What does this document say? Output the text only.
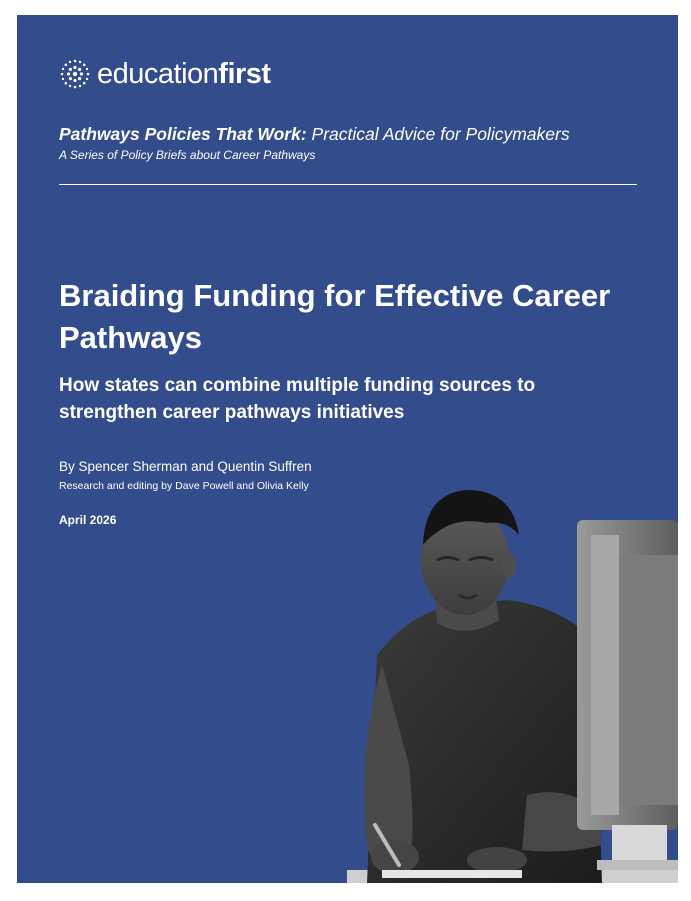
educationfirst
Pathways Policies That Work: Practical Advice for Policymakers
A Series of Policy Briefs about Career Pathways
Braiding Funding for Effective Career Pathways
How states can combine multiple funding sources to strengthen career pathways initiatives
By Spencer Sherman and Quentin Suffren
Research and editing by Dave Powell and Olivia Kelly
April 2026
